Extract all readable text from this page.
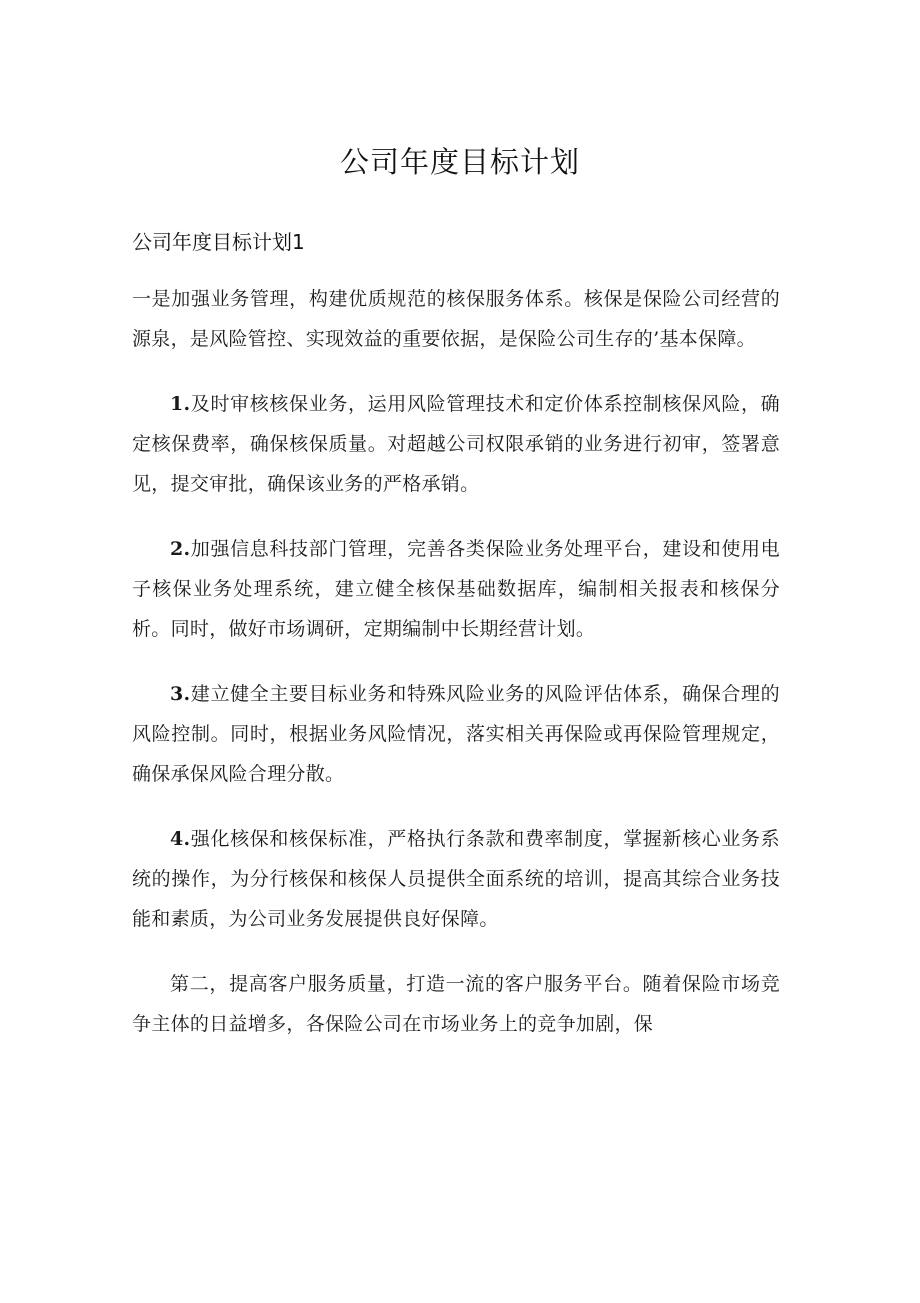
公司年度目标计划
公司年度目标计划1

一是加强业务管理，构建优质规范的核保服务体系。核保是保险公司经营的源泉，是风险管控、实现效益的重要依据，是保险公司生存的’基本保障。

1.及时审核核保业务，运用风险管理技术和定价体系控制核保风险，确定核保费率，确保核保质量。对超越公司权限承销的业务进行初审，签署意见，提交审批，确保该业务的严格承销。

2.加强信息科技部门管理，完善各类保险业务处理平台，建设和使用电子核保业务处理系统，建立健全核保基础数据库，编制相关报表和核保分析。同时，做好市场调研，定期编制中长期经营计划。

3.建立健全主要目标业务和特殊风险业务的风险评估体系，确保合理的风险控制。同时，根据业务风险情况，落实相关再保险或再保险管理规定，确保承保风险合理分散。

4.强化核保和核保标准，严格执行条款和费率制度，掌握新核心业务系统的操作，为分行核保和核保人员提供全面系统的培训，提高其综合业务技能和素质，为公司业务发展提供良好保障。

第二，提高客户服务质量，打造一流的客户服务平台。随着保险市场竞争主体的日益增多，各保险公司在市场业务上的竞争加剧，保
